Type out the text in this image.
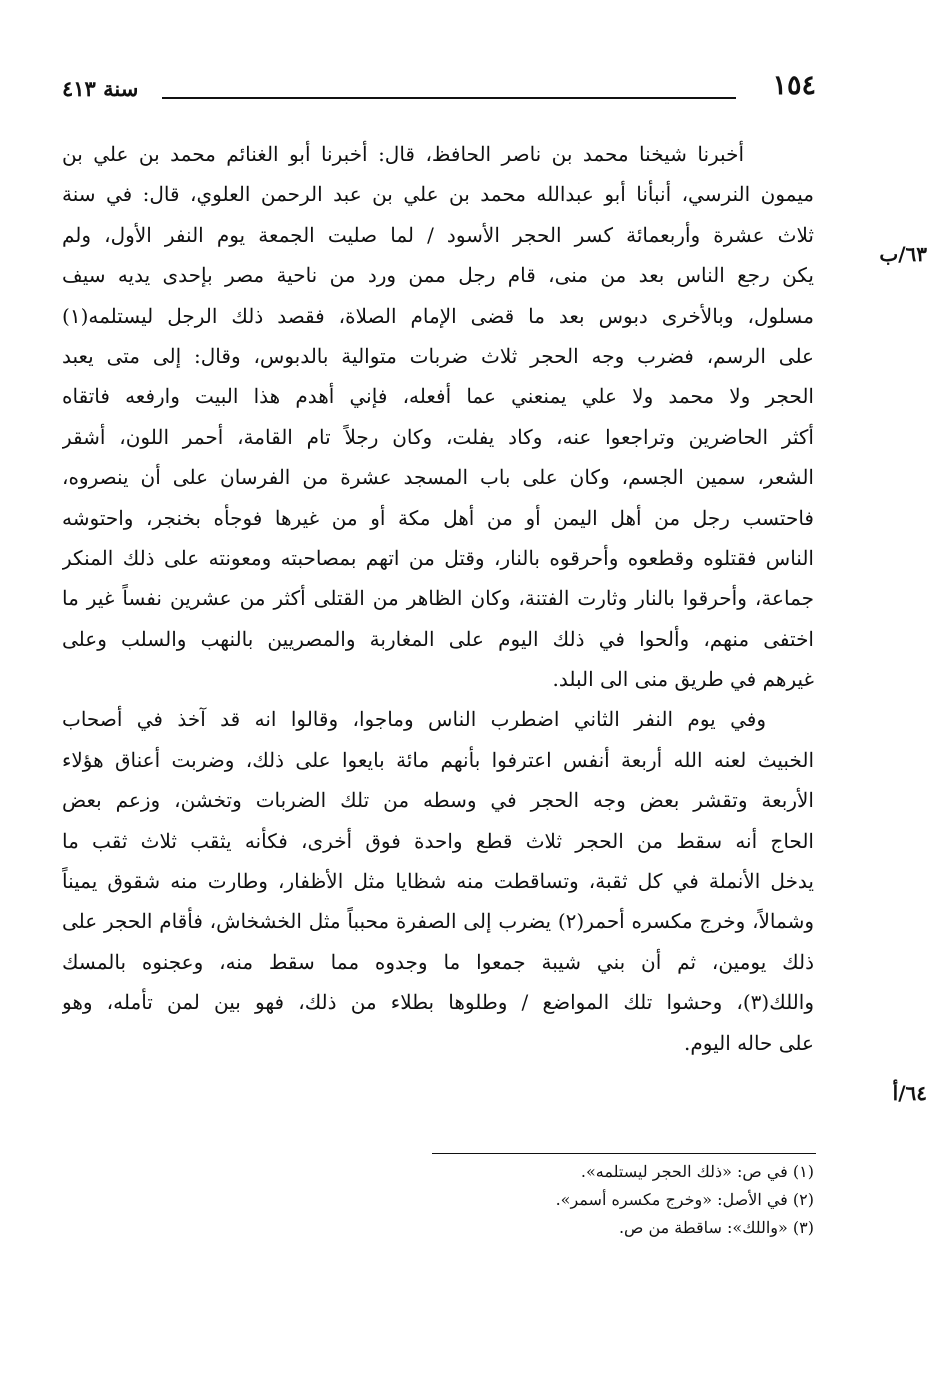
سنة ٤١٣	١٥٤
٦٣/ب
٦٤/أ
أخبرنا شيخنا محمد بن ناصر الحافظ، قال: أخبرنا أبو الغنائم محمد بن علي بن
ميمون النرسي، أنبأنا أبو عبدالله محمد بن علي بن عبد الرحمن العلوي، قال: في سنة
ثلاث عشرة وأربعمائة كسر الحجر الأسود / لما صليت الجمعة يوم النفر الأول، ولم
يكن رجع الناس بعد من منى، قام رجل ممن ورد من ناحية مصر بإحدى يديه سيف
مسلول، وبالأخرى دبوس بعد ما قضى الإمام الصلاة، فقصد ذلك الرجل ليستلمه(١)
على الرسم، فضرب وجه الحجر ثلاث ضربات متوالية بالدبوس، وقال: إلى متى يعبد
الحجر ولا محمد ولا علي يمنعني عما أفعله، فإني أهدم هذا البيت وارفعه فاتقاه
أكثر الحاضرين وتراجعوا عنه، وكاد يفلت، وكان رجلاً تام القامة، أحمر اللون، أشقر
الشعر، سمين الجسم، وكان على باب المسجد عشرة من الفرسان على أن ينصروه،
فاحتسب رجل من أهل اليمن أو من أهل مكة أو من غيرها فوجأه بخنجر، واحتوشه
الناس فقتلوه وقطعوه وأحرقوه بالنار، وقتل من اتهم بمصاحبته ومعونته على ذلك المنكر
جماعة، وأحرقوا بالنار وثارت الفتنة، وكان الظاهر من القتلى أكثر من عشرين نفساً غير ما
اختفى منهم، وألحوا في ذلك اليوم على المغاربة والمصريين بالنهب والسلب وعلى
غيرهم في طريق منى الى البلد.
وفي يوم النفر الثاني اضطرب الناس وماجوا، وقالوا انه قد آخذ في أصحاب
الخبيث لعنه الله أربعة أنفس اعترفوا بأنهم مائة بايعوا على ذلك، وضربت أعناق هؤلاء
الأربعة وتقشر بعض وجه الحجر في وسطه من تلك الضربات وتخشن، وزعم بعض
الحاج أنه سقط من الحجر ثلاث قطع واحدة فوق أخرى، فكأنه يثقب ثلاث ثقب ما
يدخل الأنملة في كل ثقبة، وتساقطت منه شظايا مثل الأظفار، وطارت منه شقوق يميناً
وشمالاً، وخرج مكسره أحمر(٢) يضرب إلى الصفرة محبباً مثل الخشخاش، فأقام الحجر على
ذلك يومين، ثم أن بني شيبة جمعوا ما وجدوه مما سقط منه، وعجنوه بالمسك
واللك(٣)، وحشوا تلك المواضع / وطلوها بطلاء من ذلك، فهو بين لمن تأمله، وهو
على حاله اليوم.
(١) في ص: «ذلك الحجر ليستلمه».
(٢) في الأصل: «وخرج مكسره أسمر».
(٣) «واللك»: ساقطة من ص.
